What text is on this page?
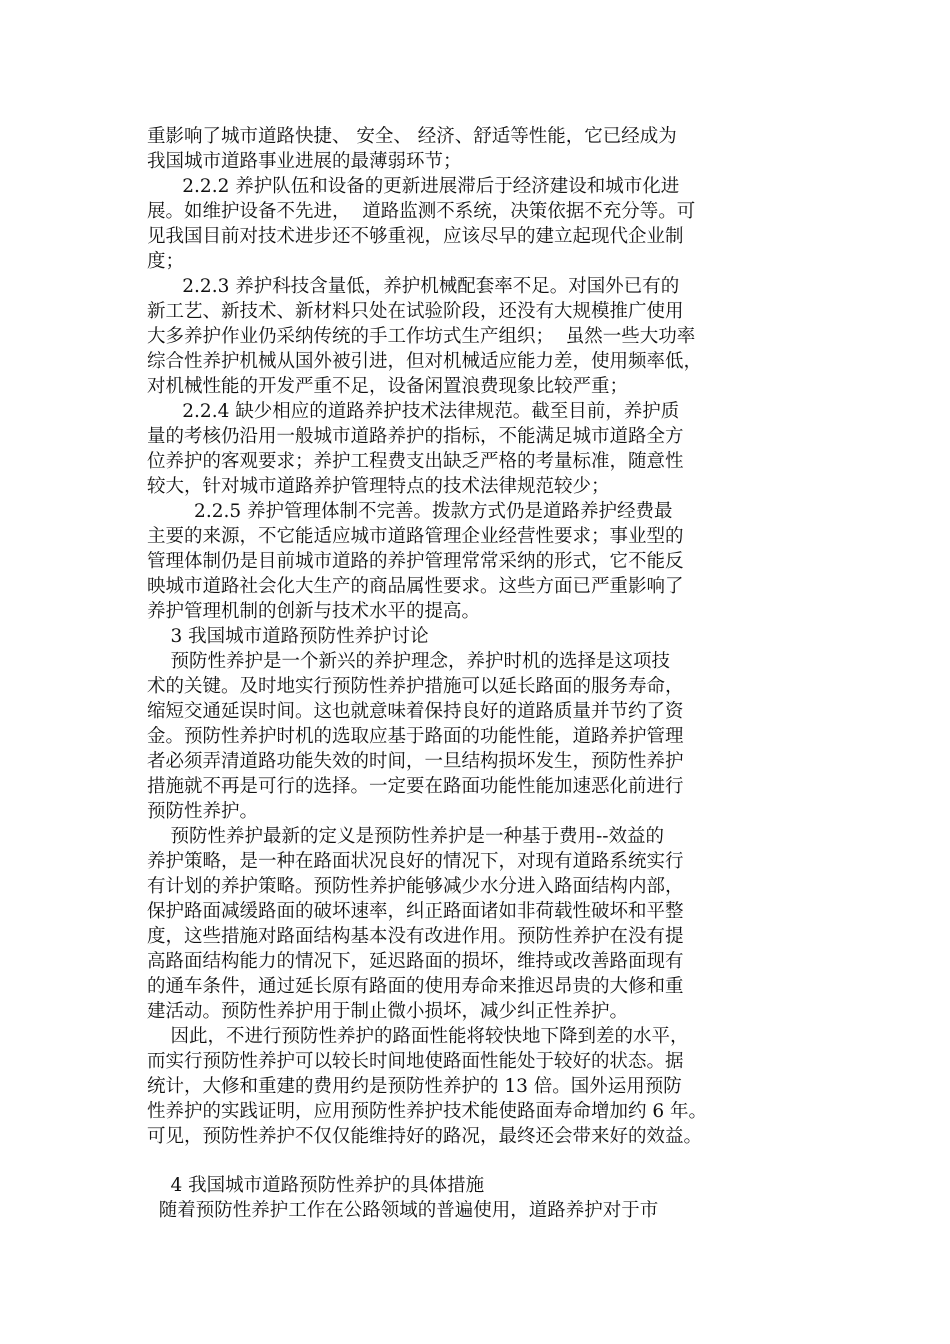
重影响了城市道路快捷、 安全、 经济、舒适等性能，它已经成为
我国城市道路事业进展的最薄弱环节；
2.2.2 养护队伍和设备的更新进展滞后于经济建设和城市化进
展。如维护设备不先进，  道路监测不系统，决策依据不充分等。可
见我国目前对技术进步还不够重视，应该尽早的建立起现代企业制
度；
2.2.3 养护科技含量低，养护机械配套率不足。对国外已有的
新工艺、新技术、新材料只处在试验阶段，还没有大规模推广使用
大多养护作业仍采纳传统的手工作坊式生产组织；  虽然一些大功率
综合性养护机械从国外被引进，但对机械适应能力差，使用频率低，
对机械性能的开发严重不足，设备闲置浪费现象比较严重；
2.2.4 缺少相应的道路养护技术法律规范。截至目前，养护质
量的考核仍沿用一般城市道路养护的指标，不能满足城市道路全方
位养护的客观要求；养护工程费支出缺乏严格的考量标准，随意性
较大，针对城市道路养护管理特点的技术法律规范较少；
2.2.5 养护管理体制不完善。拨款方式仍是道路养护经费最
主要的来源，不它能适应城市道路管理企业经营性要求；事业型的
管理体制仍是目前城市道路的养护管理常常采纳的形式，它不能反
映城市道路社会化大生产的商品属性要求。这些方面已严重影响了
养护管理机制的创新与技术水平的提高。
3 我国城市道路预防性养护讨论
预防性养护是一个新兴的养护理念，养护时机的选择是这项技
术的关键。及时地实行预防性养护措施可以延长路面的服务寿命，
缩短交通延误时间。这也就意味着保持良好的道路质量并节约了资
金。预防性养护时机的选取应基于路面的功能性能，道路养护管理
者必须弄清道路功能失效的时间，一旦结构损坏发生，预防性养护
措施就不再是可行的选择。一定要在路面功能性能加速恶化前进行
预防性养护。
预防性养护最新的定义是预防性养护是一种基于费用--效益的
养护策略，是一种在路面状况良好的情况下，对现有道路系统实行
有计划的养护策略。预防性养护能够减少水分进入路面结构内部，
保护路面减缓路面的破坏速率，纠正路面诸如非荷载性破坏和平整
度，这些措施对路面结构基本没有改进作用。预防性养护在没有提
高路面结构能力的情况下，延迟路面的损坏，维持或改善路面现有
的通车条件，通过延长原有路面的使用寿命来推迟昂贵的大修和重
建活动。预防性养护用于制止微小损坏，减少纠正性养护。
因此，不进行预防性养护的路面性能将较快地下降到差的水平，
而实行预防性养护可以较长时间地使路面性能处于较好的状态。据
统计，大修和重建的费用约是预防性养护的 13 倍。国外运用预防
性养护的实践证明，应用预防性养护技术能使路面寿命增加约 6 年。
可见，预防性养护不仅仅能维持好的路况，最终还会带来好的效益。
4 我国城市道路预防性养护的具体措施
随着预防性养护工作在公路领域的普遍使用，道路养护对于市
